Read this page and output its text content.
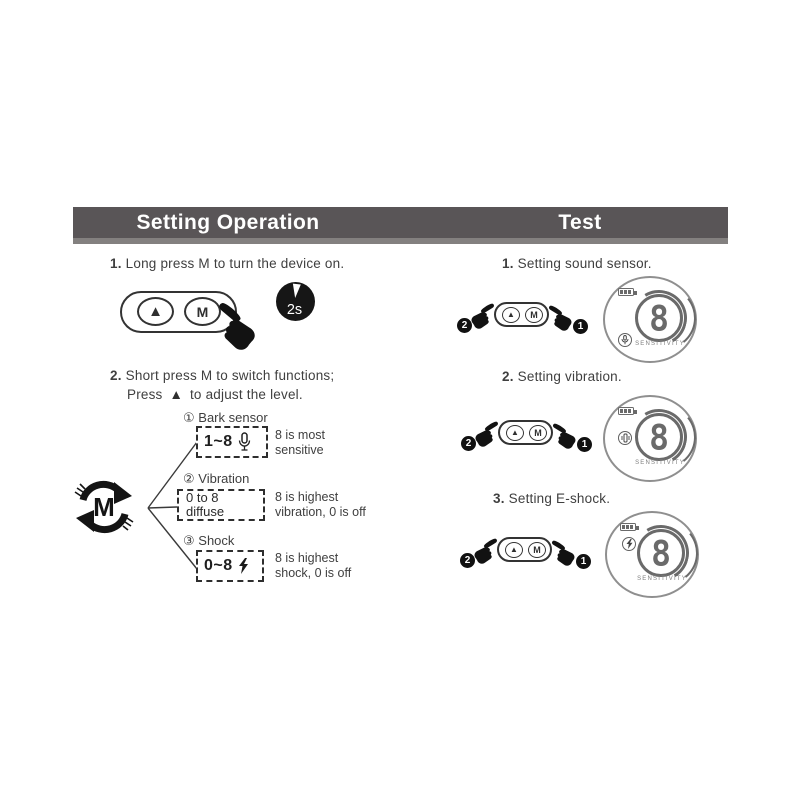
Setting Operation	Test
1. Long press M to turn the device on.
▲ M	2s
2. Short press M to switch functions;
Press ▲ to adjust the level.
M
① Bark sensor
1~8	8 is most
sensitive
② Vibration
0 to 8
diffuse
8 is highest
vibration, 0 is off
③ Shock
0~8	8 is highest
shock, 0 is off
1. Setting sound sensor.
2. Setting vibration.
3. Setting E-shock.
2
▲ M
1 8
SENSITIVITY
2
▲ M
1 8
SENSITIVITY
2
▲ M
1 8
SENSITIVITY
